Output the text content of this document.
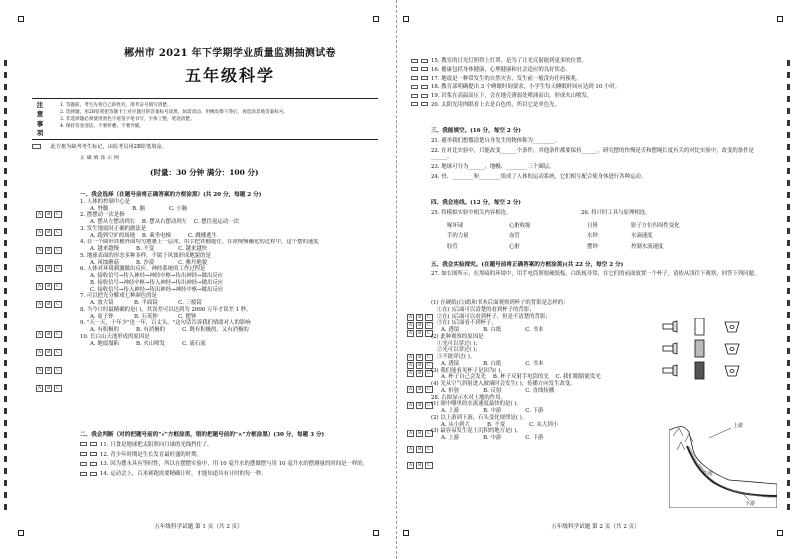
郴州市 2021 年下学期学业质量监测抽测试卷
五年级科学
注
意
事
项
1. 答题前，考生先将自己的姓名、准考证号填写清楚。
2. 选择题，用2B铅笔把答题卡上对应题目的答案标号涂黑，如需改动，用橡皮擦干净后，再选涂其他答案标号。
3. 非选择题必须使用黑色字迹签字笔书写，字体工整，笔迹清楚。
4. 保持答卷清洁，不要折叠、不要弄破。
此方框为缺考考生标记，由监考员用2B铅笔填涂。
正确填涂示例
(时量：30 分钟 满分：100 分)
A B C
A B C
A B C
A B C
A B C
A B C
A B C
A B C
A B C
A B C
一、我会选择（在题号前将正确答案的方框涂黑）(共 20 分，每题 2 分)
1. 人体的控制中心是
A. 脊髓              B. 脑              C. 小脑
2. 摆摆动一次是指
A. 摆从左摆动到右    B. 摆从右摆动到左    C. 摆往返运动一次
3. 发生地震时正确的做法是
A. 跑到空旷的场地    B. 乘坐电梯          C. 跳楼逃生
4. 在一个圆形铁桶外面均匀地裹上一层冰，用手把铁桶抱住。在冰慢慢融化的过程中，这个摆的速度
A. 越来越慢          B. 不变              C. 越来越快
5. 地球表面的形态多种多样，不属于风蚀形成地貌的是
A. 风蚀蘑菇          B. 沙漠              C. 雅丹地貌
6. 人体对环境刺激做出反应，神经系统的工作过程是
A. 接收信号→传入神经→神经中枢→传出神经→做出反应
B. 接收信号→神经中枢→传入神经→传出神经→做出反应
C. 接收信号→传入神经→传出神经→神经中枢→做出反应
7. 可以把光分解成七种颜色的是
A. 放大镜            B. 平面镜            C. 三棱镜
8. 当今计时最精确的是( )，其误差可以达到为 2000 万年才误差 1 秒。
A. 原子钟            B. 石英钟            C. 摆钟
9. "天一天，十年少"也一年，百丈头。"这句话告诉我们情绪对人的影响
A. 有积极的          B. 有消极的          C. 既有积极的，又有消极的
10. 长白山天池形成的原因是
A. 地震塌陷          B. 火山喷发          C. 流石流
二、我会判断（对的把题号前的"√"方框涂黑，错的把题号前的"×"方框涂黑）(30 分，每题 3 分)
11. 月食是地球把太阳照向月球的光线挡住了。
12. 青少年时期是生长发育最旺盛的时期。
13. 因为摆永具有等时性，所以在摆摆实验中，用 10 毫升水的摆做摆与用 10 毫升水的摆测量的时间是一样的。
14. 运动会上，百米赛跑需要精确计时，才能知道具有计时的每一秒。
五年级科学试题 第 1 页（共 2 页）
15. 教室的日光灯照得上灯罩，是为了让光反射能到更多的位置。
16. 健康包括身体健康，心理健康和社会适应的良好状态。
17. 地震是一种常发生的自然灾害，发生前一般没有任何预兆。
18. 教育部明确提出 3 个睡眠时间要求，小学生每天睡眠时间应达到 10 小时。
19. 岩浆在高温高压下，会在地壳薄弱处喷涌而出，形成火山喷发。
20. 太阳光用肉眼看上去是白色的，所以它是单色光。
三、我能填空。(16 分，每空 2 分)
21. 避举我们想傲清楚自身发生的物体称为________。
22. 在对比实验中，只能改变______个条件，其他条件都要保持______，研究摆的快慢是否和摆绳长度有关的对比实验中，改变的条件是______。
23. 地球可分为______，地幔、________三个圈层。
24. 骨、________和________组成了人体的运动系统，它们相互配合使身体进行各种运动。
四、我会连线。(12 分，每空 2 分)
25. 将模拟实验中相关内容相连。	26. 将计时工具与原理相连。
啄坏球
手的力量
胶管
心脏收缩
血管
心脏
日晷
水钟
摆钟
影子方位四周性变化
水滴速度
控制水流速度
五、我会实验探究。(在题号前将正确答案的方框涂黑)(共 22 分，每空 2 分)
27. 如右图所示，在黑暗的环境中，用手电筒照射硬纸板，白纸板非常，在它们的前面放置一个杯子，请依从浅往下观察，回答下列问题。
A B C
A B C
A B C
A B C
A B C
A B C
A B C
A B C
A B C
A B C
A B C
(1) 在硬纸(白)纸和书本后面观察到杯子的背影是怎样的：
①在( )后面可以清楚的看到杯子的背影；
②在( )后面可以看到杯子，但是不清楚的背影；
③在( )后面看不到杯子。
A. 透镜              B. 白纸              C. 书本
(2) 此种观察的原因是
①光可以穿过( )；
②光可以穿过( )；
③不能穿过( )。
A. 透镜              B. 白纸              C. 书本
(3) 我们能看见杯子是因为( )。
A. 杯子自己会发光    B. 杯子反射手电筒的光    C. 我们眼睛能发光
(4) 光从空气斜射进入玻璃时会发生( )，传播方向发生改变。
A. 折射              B. 反射              C. 直线传播
28. 右图显示水对土地的作用。
(1) 图中哪里的水流速度最快的是( )。
A. 上游              B. 中游              C. 下游
(2) 以上游到下游，石头变化规律是( )。
A. 从小到大          B. 不变              C. 从大到小
(3) 最容易发生泥土沉积的地方是( )。
A. 上游              B. 中游              C. 下游
上游
中游
下游
五年级科学试题 第 2 页（共 2 页）
